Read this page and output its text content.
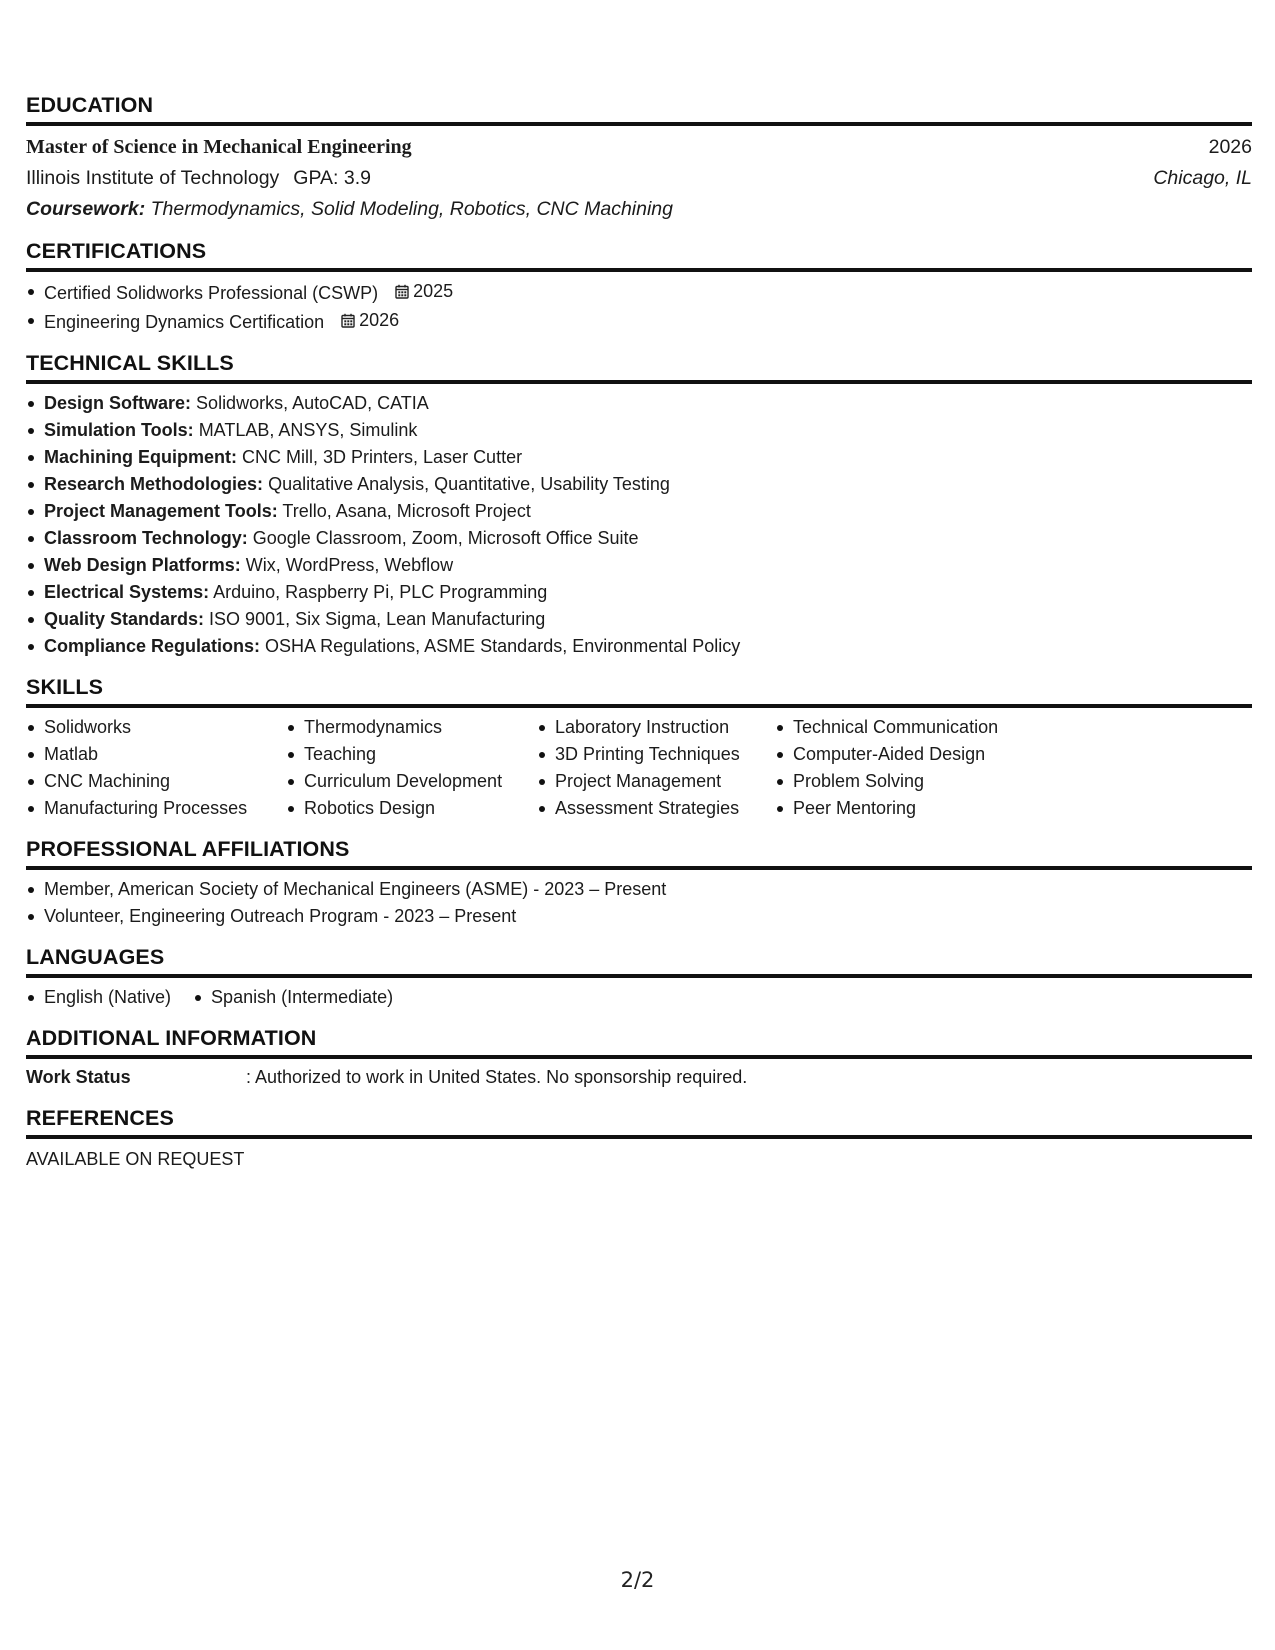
EDUCATION
Master of Science in Mechanical Engineering	2026
Illinois Institute of Technology GPA: 3.9	Chicago, IL
Coursework: Thermodynamics, Solid Modeling, Robotics, CNC Machining
CERTIFICATIONS
Certified Solidworks Professional (CSWP) 2025
Engineering Dynamics Certification 2026
TECHNICAL SKILLS
Design Software: Solidworks, AutoCAD, CATIA
Simulation Tools: MATLAB, ANSYS, Simulink
Machining Equipment: CNC Mill, 3D Printers, Laser Cutter
Research Methodologies: Qualitative Analysis, Quantitative, Usability Testing
Project Management Tools: Trello, Asana, Microsoft Project
Classroom Technology: Google Classroom, Zoom, Microsoft Office Suite
Web Design Platforms: Wix, WordPress, Webflow
Electrical Systems: Arduino, Raspberry Pi, PLC Programming
Quality Standards: ISO 9001, Six Sigma, Lean Manufacturing
Compliance Regulations: OSHA Regulations, ASME Standards, Environmental Policy
SKILLS
Solidworks
Matlab
CNC Machining
Manufacturing Processes
Thermodynamics
Teaching
Curriculum Development
Robotics Design
Laboratory Instruction
3D Printing Techniques
Project Management
Assessment Strategies
Technical Communication
Computer-Aided Design
Problem Solving
Peer Mentoring
PROFESSIONAL AFFILIATIONS
Member, American Society of Mechanical Engineers (ASME) - 2023 – Present
Volunteer, Engineering Outreach Program - 2023 – Present
LANGUAGES
English (Native)	Spanish (Intermediate)
ADDITIONAL INFORMATION
Work Status	: Authorized to work in United States. No sponsorship required.
REFERENCES
AVAILABLE ON REQUEST
2/2
